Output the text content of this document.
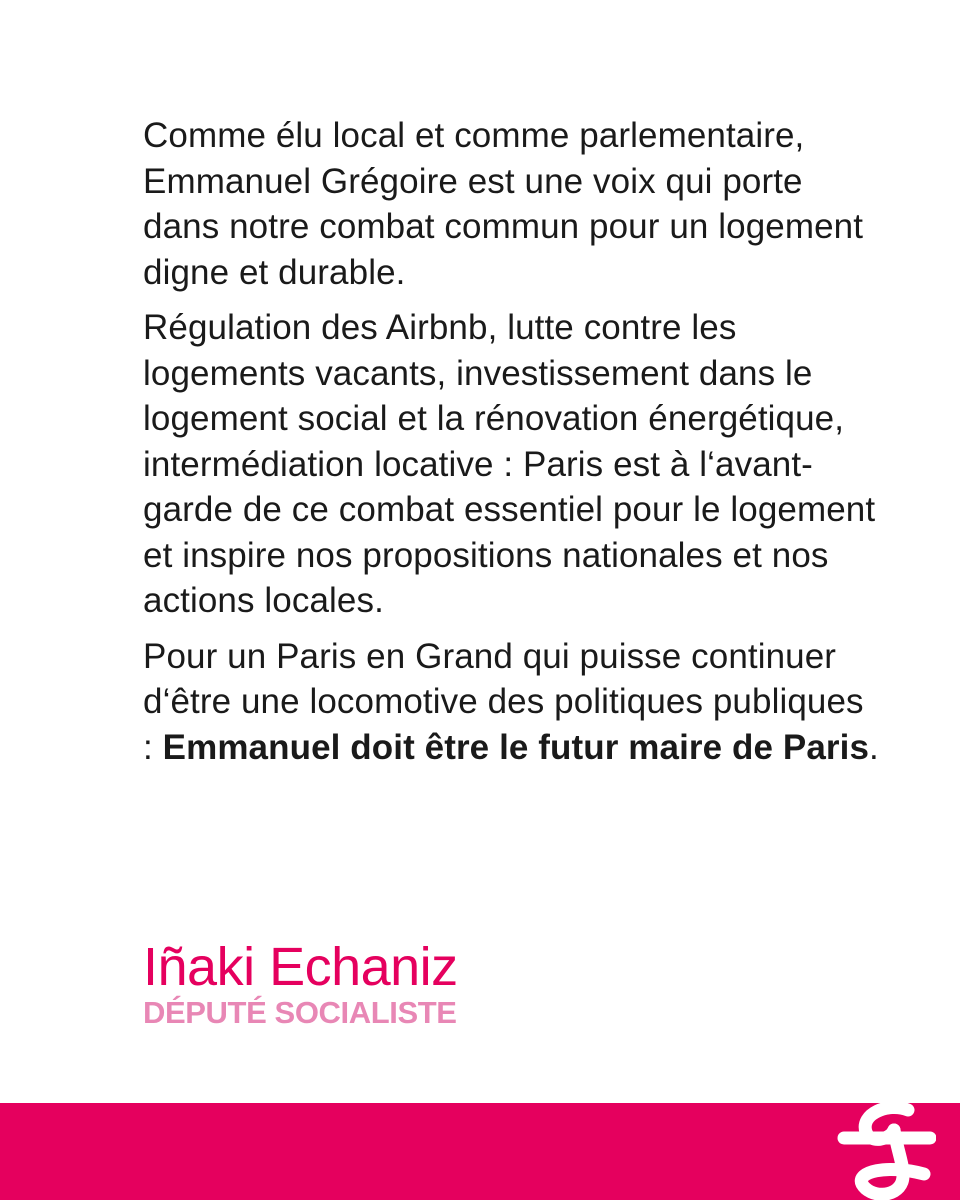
Comme élu local et comme parlementaire, Emmanuel Grégoire est une voix qui porte dans notre combat commun pour un logement digne et durable.

Régulation des Airbnb, lutte contre les logements vacants, investissement dans le logement social et la rénovation énergétique, intermédiation locative : Paris est à l‘avant-garde de ce combat essentiel pour le logement et inspire nos propositions nationales et nos actions locales.

Pour un Paris en Grand qui puisse continuer d‘être une locomotive des politiques publiques : Emmanuel doit être le futur maire de Paris.

Iñaki Echaniz
DÉPUTÉ SOCIALISTE
